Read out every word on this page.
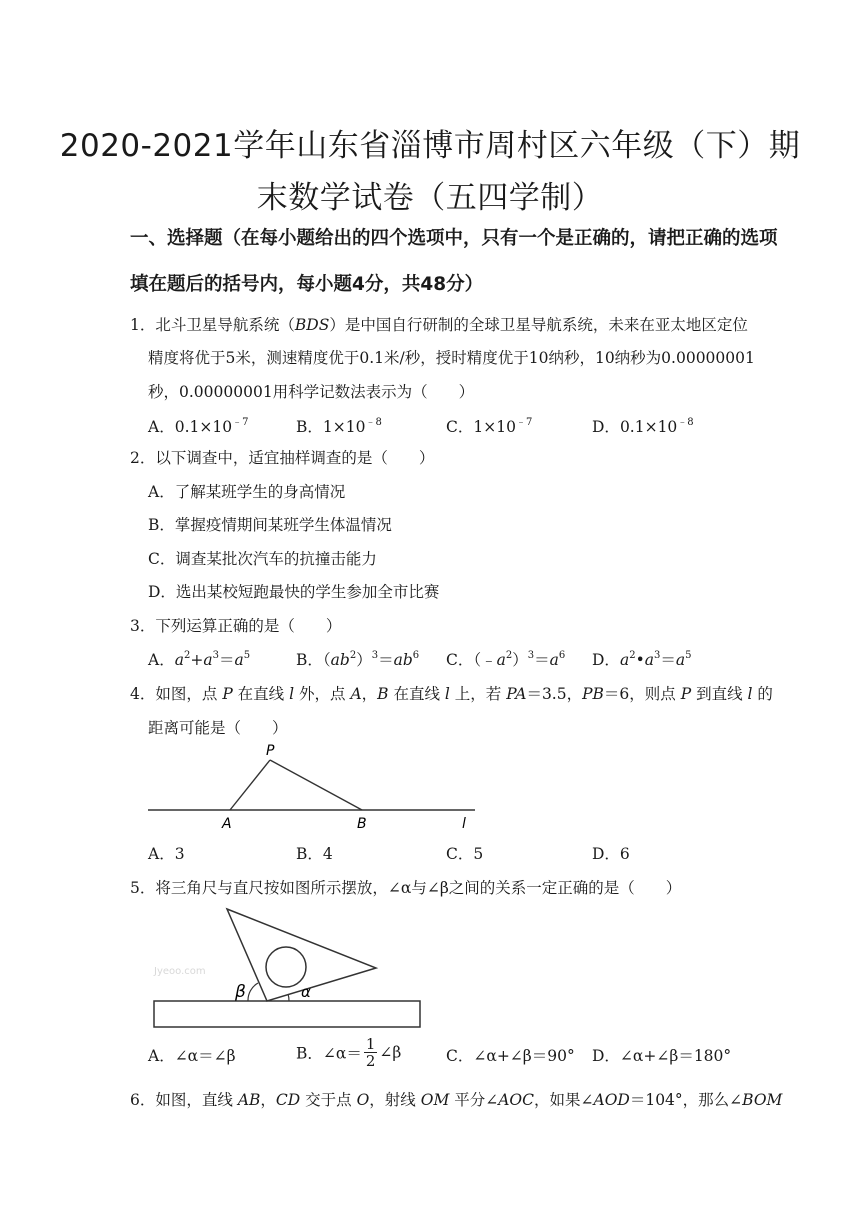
2020-2021学年山东省淄博市周村区六年级（下）期
末数学试卷（五四学制）
一、选择题（在每小题给出的四个选项中，只有一个是正确的，请把正确的选项
填在题后的括号内，每小题4分，共48分）
1．北斗卫星导航系统（BDS）是中国自行研制的全球卫星导航系统，未来在亚太地区定位
精度将优于5米，测速精度优于0.1米/秒，授时精度优于10纳秒，10纳秒为0.00000001
秒，0.00000001用科学记数法表示为（　　）
A．$0.1\times 10^{﹣7}$	B．$1\times 10^{﹣8}$	C．$1\times 10^{﹣7}$	D．$0.1\times 10^{﹣8}$
2．以下调查中，适宜抽样调查的是（　　）
A．了解某班学生的身高情况
B．掌握疫情期间某班学生体温情况
C．调查某批次汽车的抗撞击能力
D．选出某校短跑最快的学生参加全市比赛
3．下列运算正确的是（　　）
A．$a^2+a^3=a^5$	B．$(ab^2)^3=ab^6$ C．$(﹣a^2)^3=a^6$ D．$a^2•a^3=a^5$
4．如图，点 P 在直线 l 外，点 A，B 在直线 l 上，若 PA＝3.5，PB＝6，则点 P 到直线 l 的
距离可能是（　　）
P
A	B	l
A．3	B．4	C．5	D．6
5．将三角尺与直尺按如图所示摆放，∠α与∠β之间的关系一定正确的是（　　）
β	α
Jyeoo.com
A．∠α＝∠β	B．∠α＝ $\frac{1}{2}$ ∠β	C．∠α+∠β＝90° D．∠α+∠β＝180°
6．如图，直线 AB，CD 交于点 O，射线 OM 平分∠AOC，如果∠AOD＝104°，那么∠BOM
